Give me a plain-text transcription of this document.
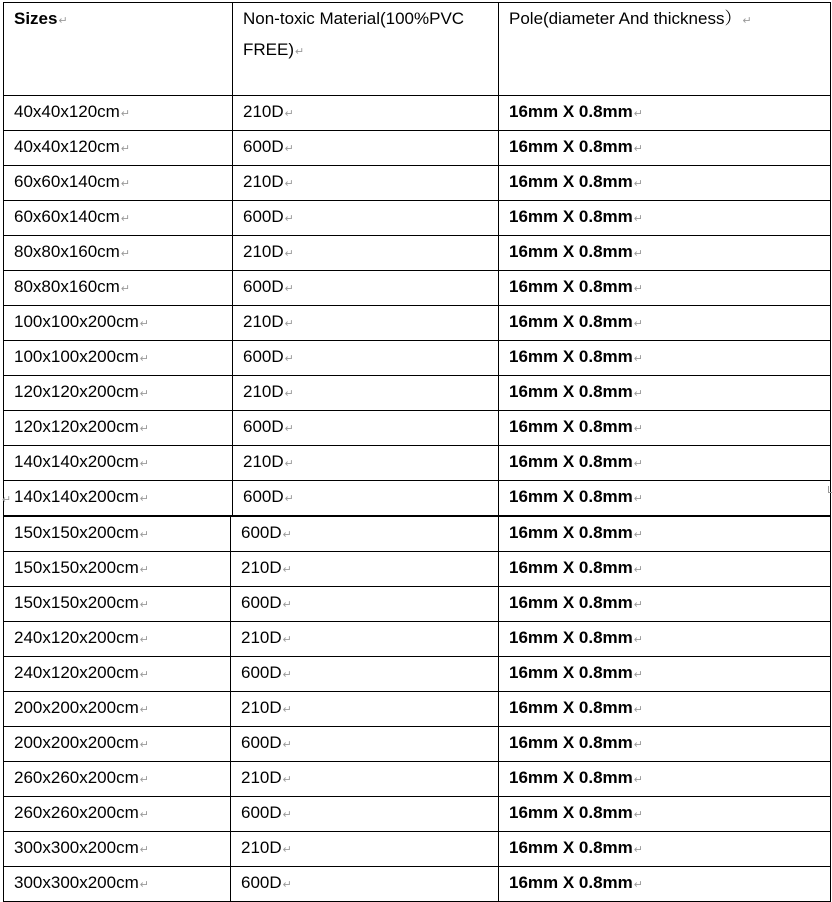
Sizes↵	Non-toxic Material(100%PVC FREE)↵	Pole(diameter And thickness）↵
40x40x120cm↵	210D↵	16mm X 0.8mm↵
40x40x120cm↵	600D↵	16mm X 0.8mm↵
60x60x140cm↵	210D↵	16mm X 0.8mm↵
60x60x140cm↵	600D↵	16mm X 0.8mm↵
80x80x160cm↵	210D↵	16mm X 0.8mm↵
80x80x160cm↵	600D↵	16mm X 0.8mm↵
100x100x200cm↵	210D↵	16mm X 0.8mm↵
100x100x200cm↵	600D↵	16mm X 0.8mm↵
120x120x200cm↵	210D↵	16mm X 0.8mm↵
120x120x200cm↵	600D↵	16mm X 0.8mm↵
140x140x200cm↵	210D↵	16mm X 0.8mm↵
140x140x200cm↵	600D↵	16mm X 0.8mm↵
↵
150x150x200cm↵	600D↵	16mm X 0.8mm↵
150x150x200cm↵	210D↵	16mm X 0.8mm↵
150x150x200cm↵	600D↵	16mm X 0.8mm↵
240x120x200cm↵	210D↵	16mm X 0.8mm↵
240x120x200cm↵	600D↵	16mm X 0.8mm↵
200x200x200cm↵	210D↵	16mm X 0.8mm↵
200x200x200cm↵	600D↵	16mm X 0.8mm↵
260x260x200cm↵	210D↵	16mm X 0.8mm↵
260x260x200cm↵	600D↵	16mm X 0.8mm↵
300x300x200cm↵	210D↵	16mm X 0.8mm↵
300x300x200cm↵	600D↵	16mm X 0.8mm↵
